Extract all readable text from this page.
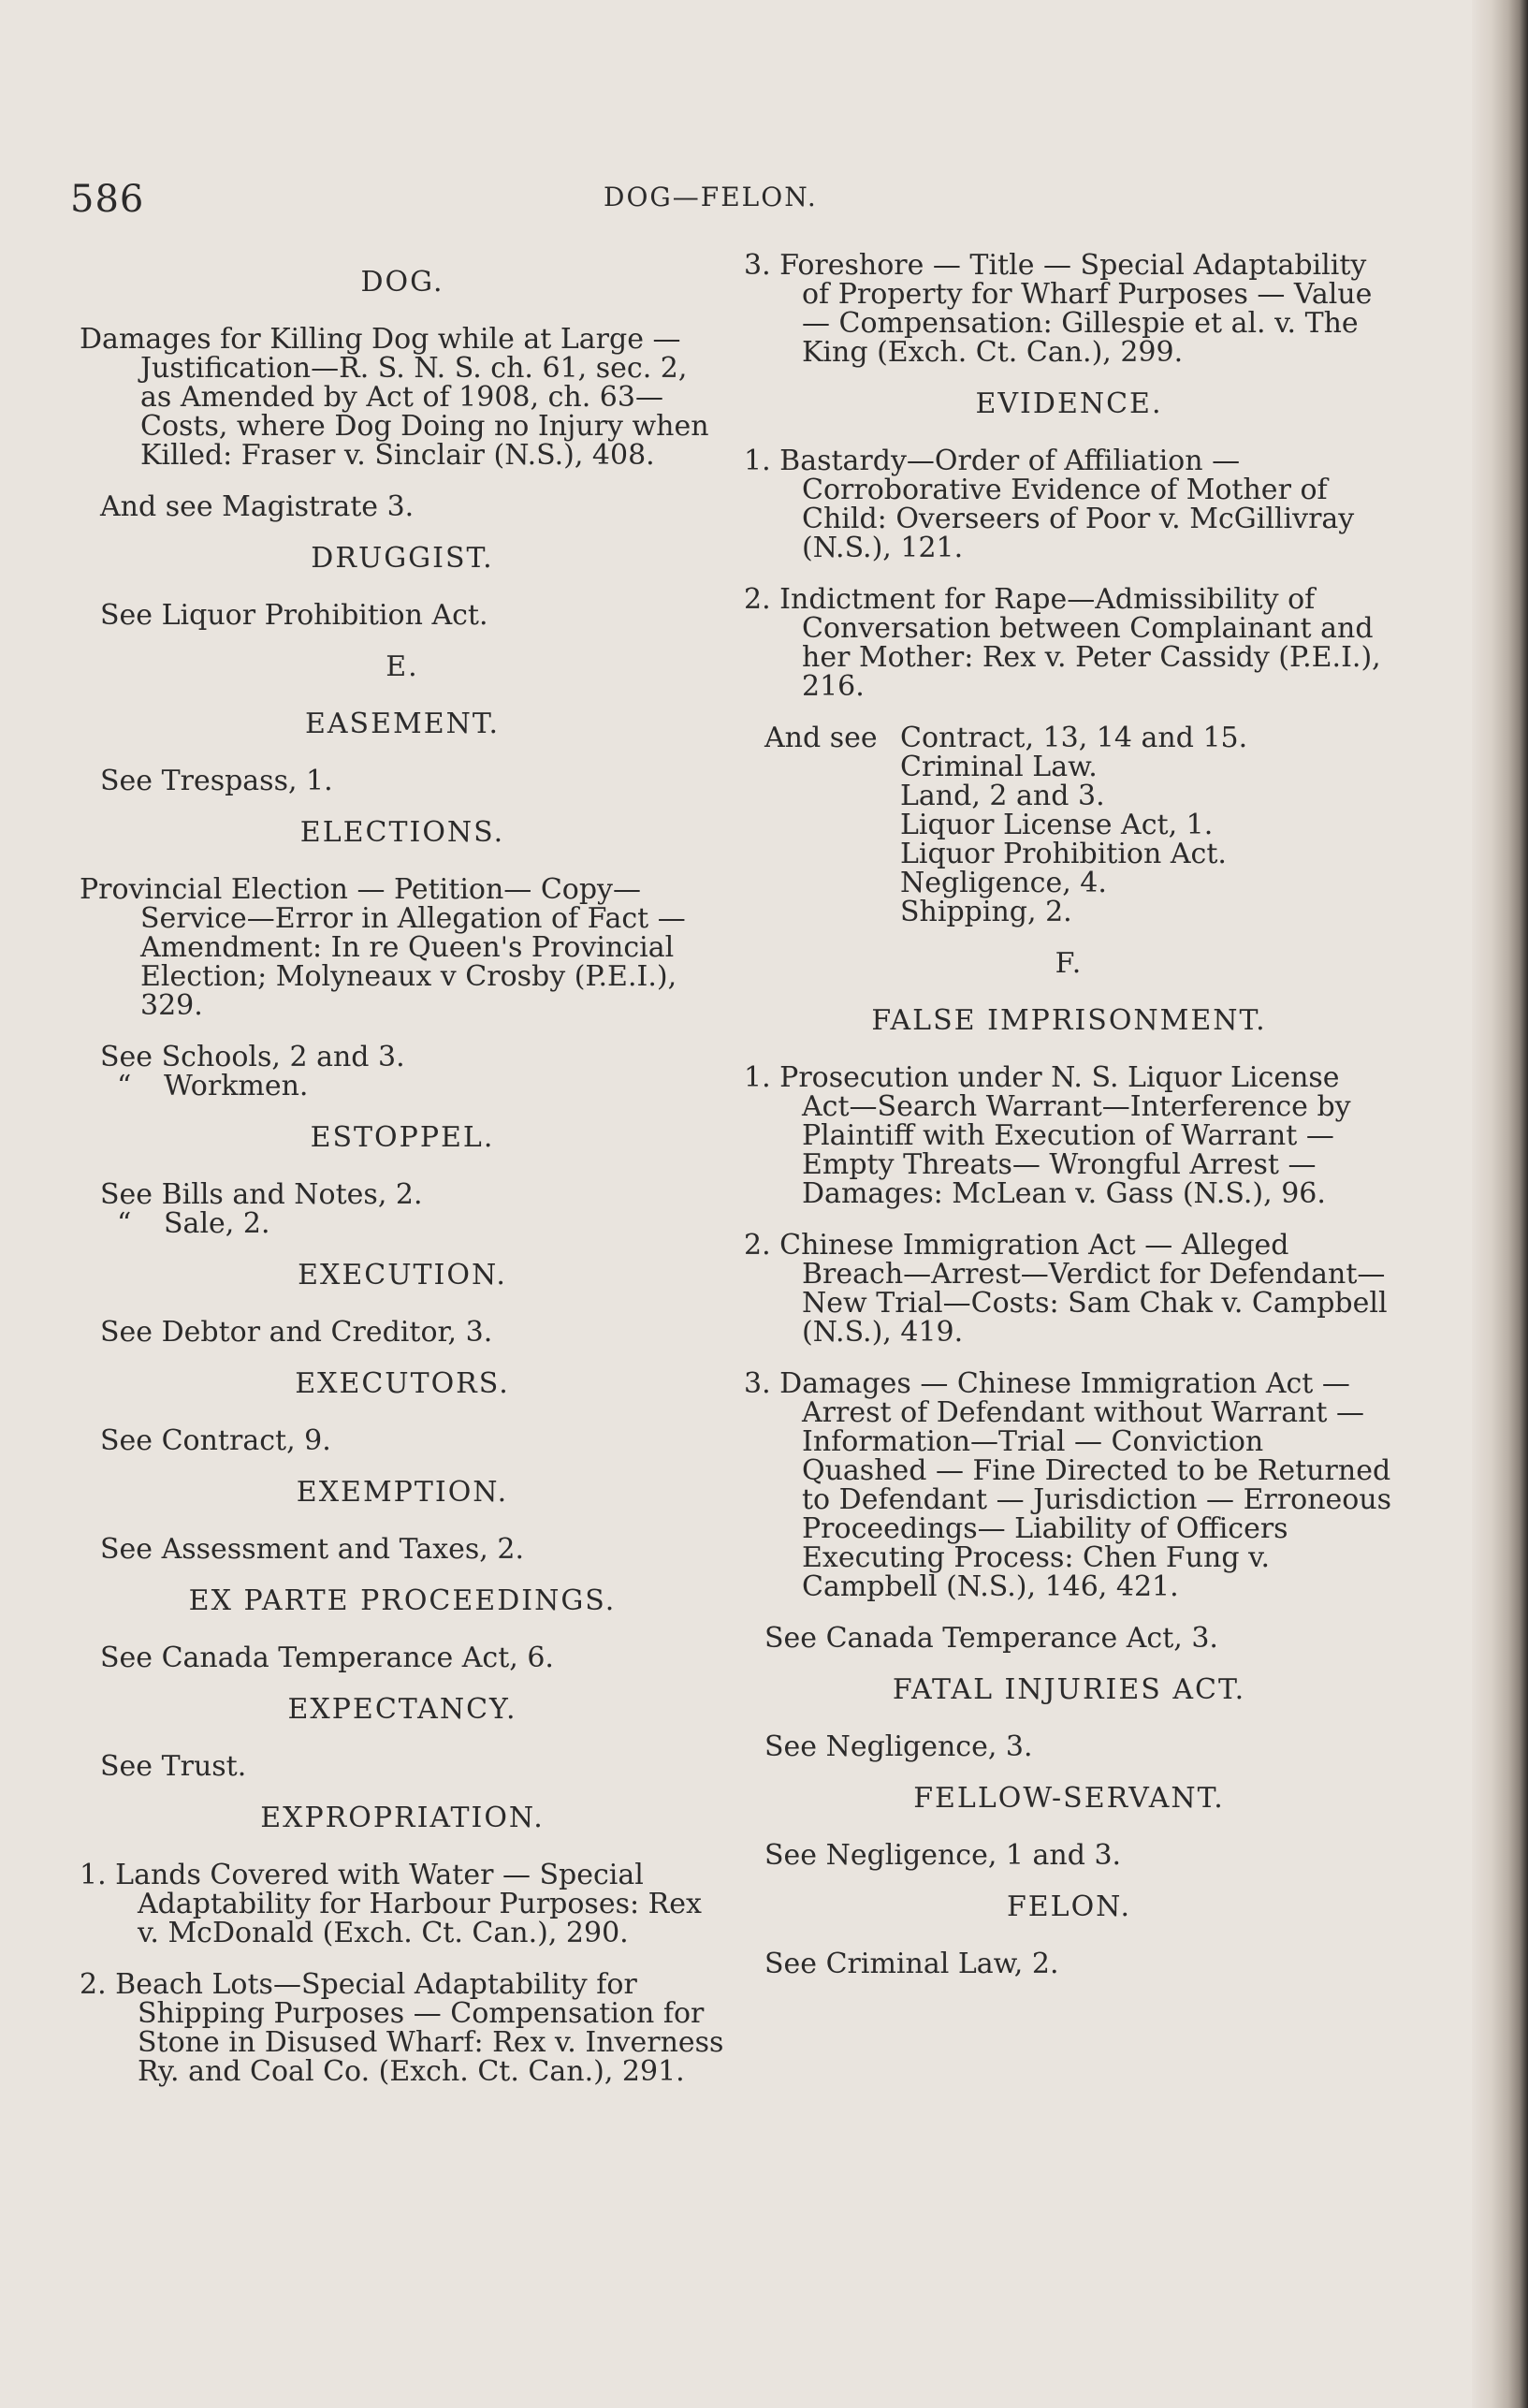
586	DOG—FELON.
DOG.
Damages for Killing Dog while at Large —Justification—R. S. N. S. ch. 61, sec. 2, as Amended by Act of 1908, ch. 63—Costs, where Dog Doing no Injury when Killed: Fraser v. Sinclair (N.S.), 408.
And see Magistrate 3.
DRUGGIST.
See Liquor Prohibition Act.
E.
EASEMENT.
See Trespass, 1.
ELECTIONS.
Provincial Election — Petition— Copy— Service—Error in Allegation of Fact —Amendment: In re Queen's Provincial Election; Molyneaux v Crosby (P.E.I.), 329.
See Schools, 2 and 3.
“ Workmen.
ESTOPPEL.
See Bills and Notes, 2.
“ Sale, 2.
EXECUTION.
See Debtor and Creditor, 3.
EXECUTORS.
See Contract, 9.
EXEMPTION.
See Assessment and Taxes, 2.
EX PARTE PROCEEDINGS.
See Canada Temperance Act, 6.
EXPECTANCY.
See Trust.
EXPROPRIATION.
1. Lands Covered with Water — Special Adaptability for Harbour Purposes: Rex v. McDonald (Exch. Ct. Can.), 290.
2. Beach Lots—Special Adaptability for Shipping Purposes — Compensation for Stone in Disused Wharf: Rex v. Inverness Ry. and Coal Co. (Exch. Ct. Can.), 291.
3. Foreshore — Title — Special Adaptability of Property for Wharf Purposes — Value — Compensation: Gillespie et al. v. The King (Exch. Ct. Can.), 299.
EVIDENCE.
1. Bastardy—Order of Affiliation — Corroborative Evidence of Mother of Child: Overseers of Poor v. McGillivray (N.S.), 121.
2. Indictment for Rape—Admissibility of Conversation between Complainant and her Mother: Rex v. Peter Cassidy (P.E.I.), 216.
And see Contract, 13, 14 and 15.
Criminal Law.
Land, 2 and 3.
Liquor License Act, 1.
Liquor Prohibition Act.
Negligence, 4.
Shipping, 2.
F.
FALSE IMPRISONMENT.
1. Prosecution under N. S. Liquor License Act—Search Warrant—Interference by Plaintiff with Execution of Warrant — Empty Threats— Wrongful Arrest — Damages: McLean v. Gass (N.S.), 96.
2. Chinese Immigration Act — Alleged Breach—Arrest—Verdict for Defendant—New Trial—Costs: Sam Chak v. Campbell (N.S.), 419.
3. Damages — Chinese Immigration Act —Arrest of Defendant without Warrant — Information—Trial — Conviction Quashed — Fine Directed to be Returned to Defendant — Jurisdiction — Erroneous Proceedings— Liability of Officers Executing Process: Chen Fung v. Campbell (N.S.), 146, 421.
See Canada Temperance Act, 3.
FATAL INJURIES ACT.
See Negligence, 3.
FELLOW-SERVANT.
See Negligence, 1 and 3.
FELON.
See Criminal Law, 2.
